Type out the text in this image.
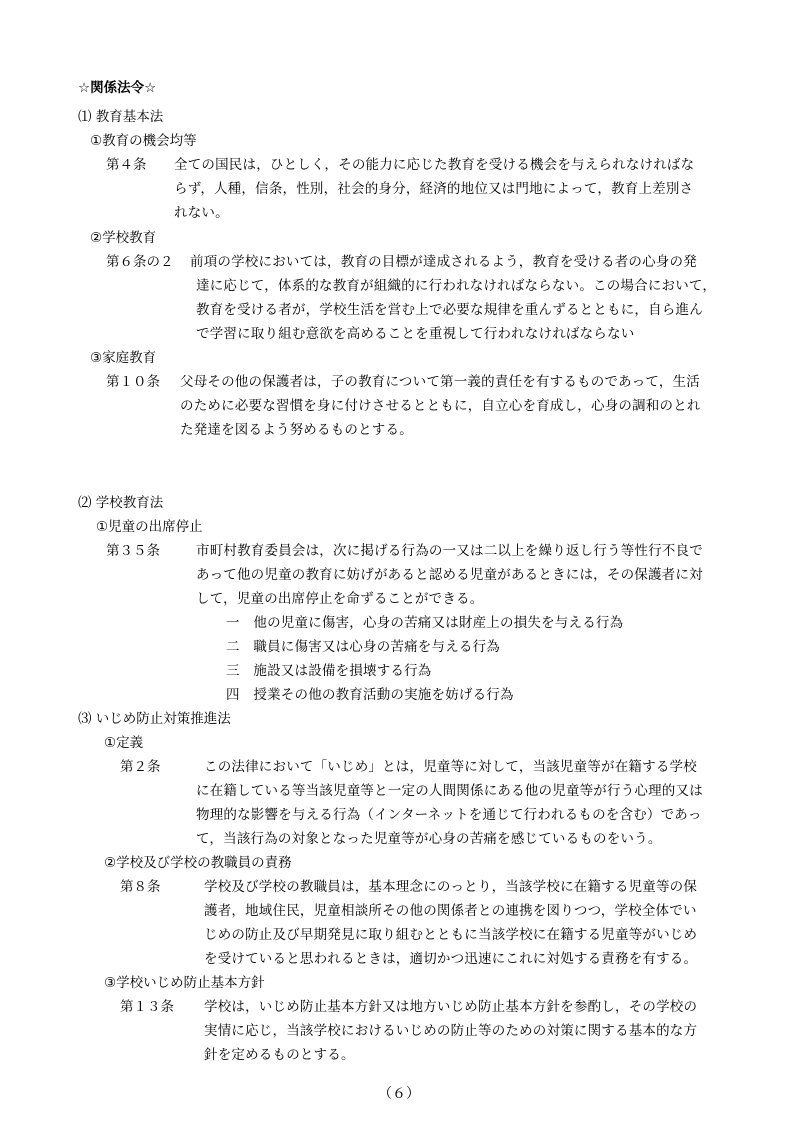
☆関係法令☆
⑴ 教育基本法
①教育の機会均等
第４条 全ての国民は，ひとしく，その能力に応じた教育を受ける機会を与えられなければな
らず，人種，信条，性別，社会的身分，経済的地位又は門地によって，教育上差別さ
れない。
②学校教育
第６条の２ 前項の学校においては，教育の目標が達成されるよう，教育を受ける者の心身の発
達に応じて，体系的な教育が組織的に行われなければならない。この場合において，
教育を受ける者が，学校生活を営む上で必要な規律を重んずるとともに，自ら進ん
で学習に取り組む意欲を高めることを重視して行われなければならない
③家庭教育
第１０条 父母その他の保護者は，子の教育について第一義的責任を有するものであって，生活
のために必要な習慣を身に付けさせるとともに，自立心を育成し，心身の調和のとれ
た発達を図るよう努めるものとする。
⑵ 学校教育法
①児童の出席停止
第３５条	市町村教育委員会は，次に掲げる行為の一又は二以上を繰り返し行う等性行不良で
あって他の児童の教育に妨げがあると認める児童があるときには，その保護者に対
して，児童の出席停止を命ずることができる。
一　他の児童に傷害，心身の苦痛又は財産上の損失を与える行為
二　職員に傷害又は心身の苦痛を与える行為
三　施設又は設備を損壊する行為
四　授業その他の教育活動の実施を妨げる行為
⑶ いじめ防止対策推進法
①定義
第２条	この法律において「いじめ」とは，児童等に対して，当該児童等が在籍する学校
に在籍している等当該児童等と一定の人間関係にある他の児童等が行う心理的又は
物理的な影響を与える行為（インターネットを通じて行われるものを含む）であっ
て，当該行為の対象となった児童等が心身の苦痛を感じているものをいう。
②学校及び学校の教職員の責務
第８条	学校及び学校の教職員は，基本理念にのっとり，当該学校に在籍する児童等の保
護者，地域住民，児童相談所その他の関係者との連携を図りつつ，学校全体でい
じめの防止及び早期発見に取り組むとともに当該学校に在籍する児童等がいじめ
を受けていると思われるときは，適切かつ迅速にこれに対処する責務を有する。
③学校いじめ防止基本方針
第１３条 学校は，いじめ防止基本方針又は地方いじめ防止基本方針を参酌し，その学校の
実情に応じ，当該学校におけるいじめの防止等のための対策に関する基本的な方
針を定めるものとする。
（６）
